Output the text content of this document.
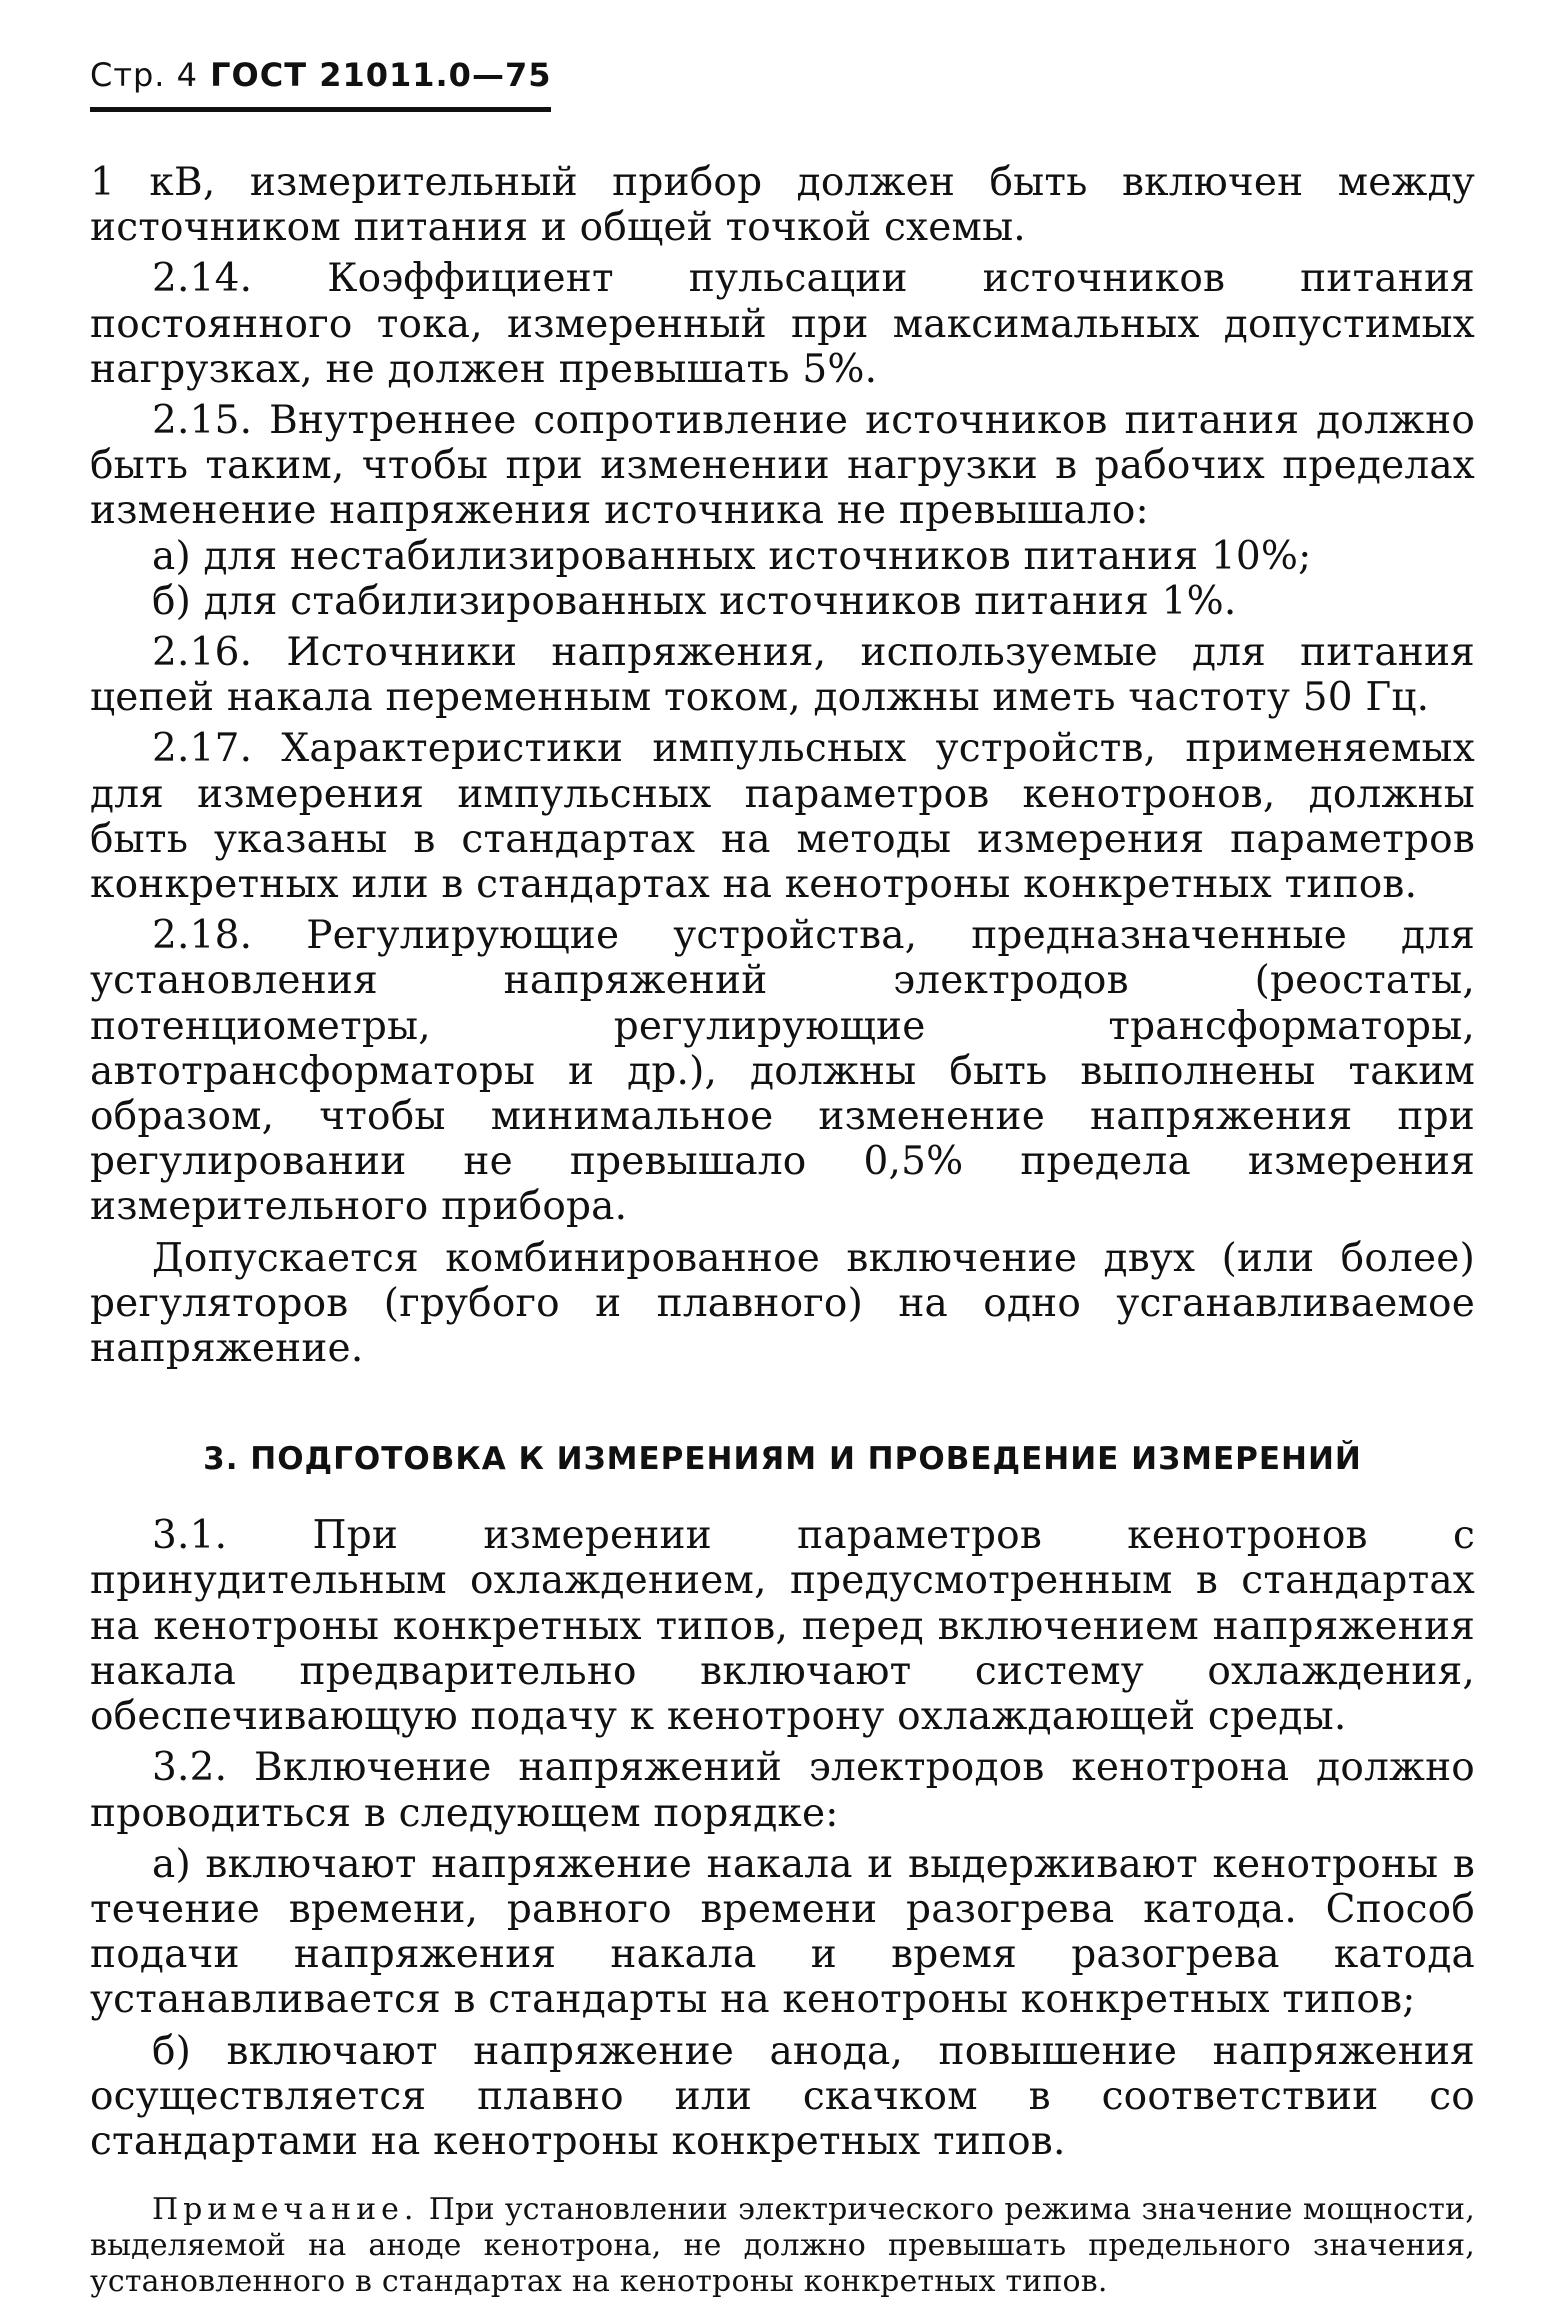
Стр. 4 ГОСТ 21011.0—75

1 кВ, измерительный прибор должен быть включен между источником питания и общей точкой схемы.

2.14. Коэффициент пульсации источников питания постоянного тока, измеренный при максимальных допустимых нагрузках, не должен превышать 5%.

2.15. Внутреннее сопротивление источников питания должно быть таким, чтобы при изменении нагрузки в рабочих пределах изменение напряжения источника не превышало:

а) для нестабилизированных источников питания 10%;

б) для стабилизированных источников питания 1%.

2.16. Источники напряжения, используемые для питания цепей накала переменным током, должны иметь частоту 50 Гц.

2.17. Характеристики импульсных устройств, применяемых для измерения импульсных параметров кенотронов, должны быть указаны в стандартах на методы измерения параметров конкретных или в стандартах на кенотроны конкретных типов.

2.18. Регулирующие устройства, предназначенные для установления напряжений электродов (реостаты, потенциометры, регулирующие трансформаторы, автотрансформаторы и др.), должны быть выполнены таким образом, чтобы минимальное изменение напряжения при регулировании не превышало 0,5% предела измерения измерительного прибора.

Допускается комбинированное включение двух (или более) регуляторов (грубого и плавного) на одно усганавливаемое напряжение.

3. ПОДГОТОВКА К ИЗМЕРЕНИЯМ И ПРОВЕДЕНИЕ ИЗМЕРЕНИЙ

3.1. При измерении параметров кенотронов с принудительным охлаждением, предусмотренным в стандартах на кенотроны конкретных типов, перед включением напряжения накала предварительно включают систему охлаждения, обеспечивающую подачу к кенотрону охлаждающей среды.

3.2. Включение напряжений электродов кенотрона должно проводиться в следующем порядке:

а) включают напряжение накала и выдерживают кенотроны в течение времени, равного времени разогрева катода. Способ подачи напряжения накала и время разогрева катода устанавливается в стандарты на кенотроны конкретных типов;

б) включают напряжение анода, повышение напряжения осуществляется плавно или скачком в соответствии со стандартами на кенотроны конкретных типов.

Примечание. При установлении электрического режима значение мощности, выделяемой на аноде кенотрона, не должно превышать предельного значения, установленного в стандартах на кенотроны конкретных типов.
